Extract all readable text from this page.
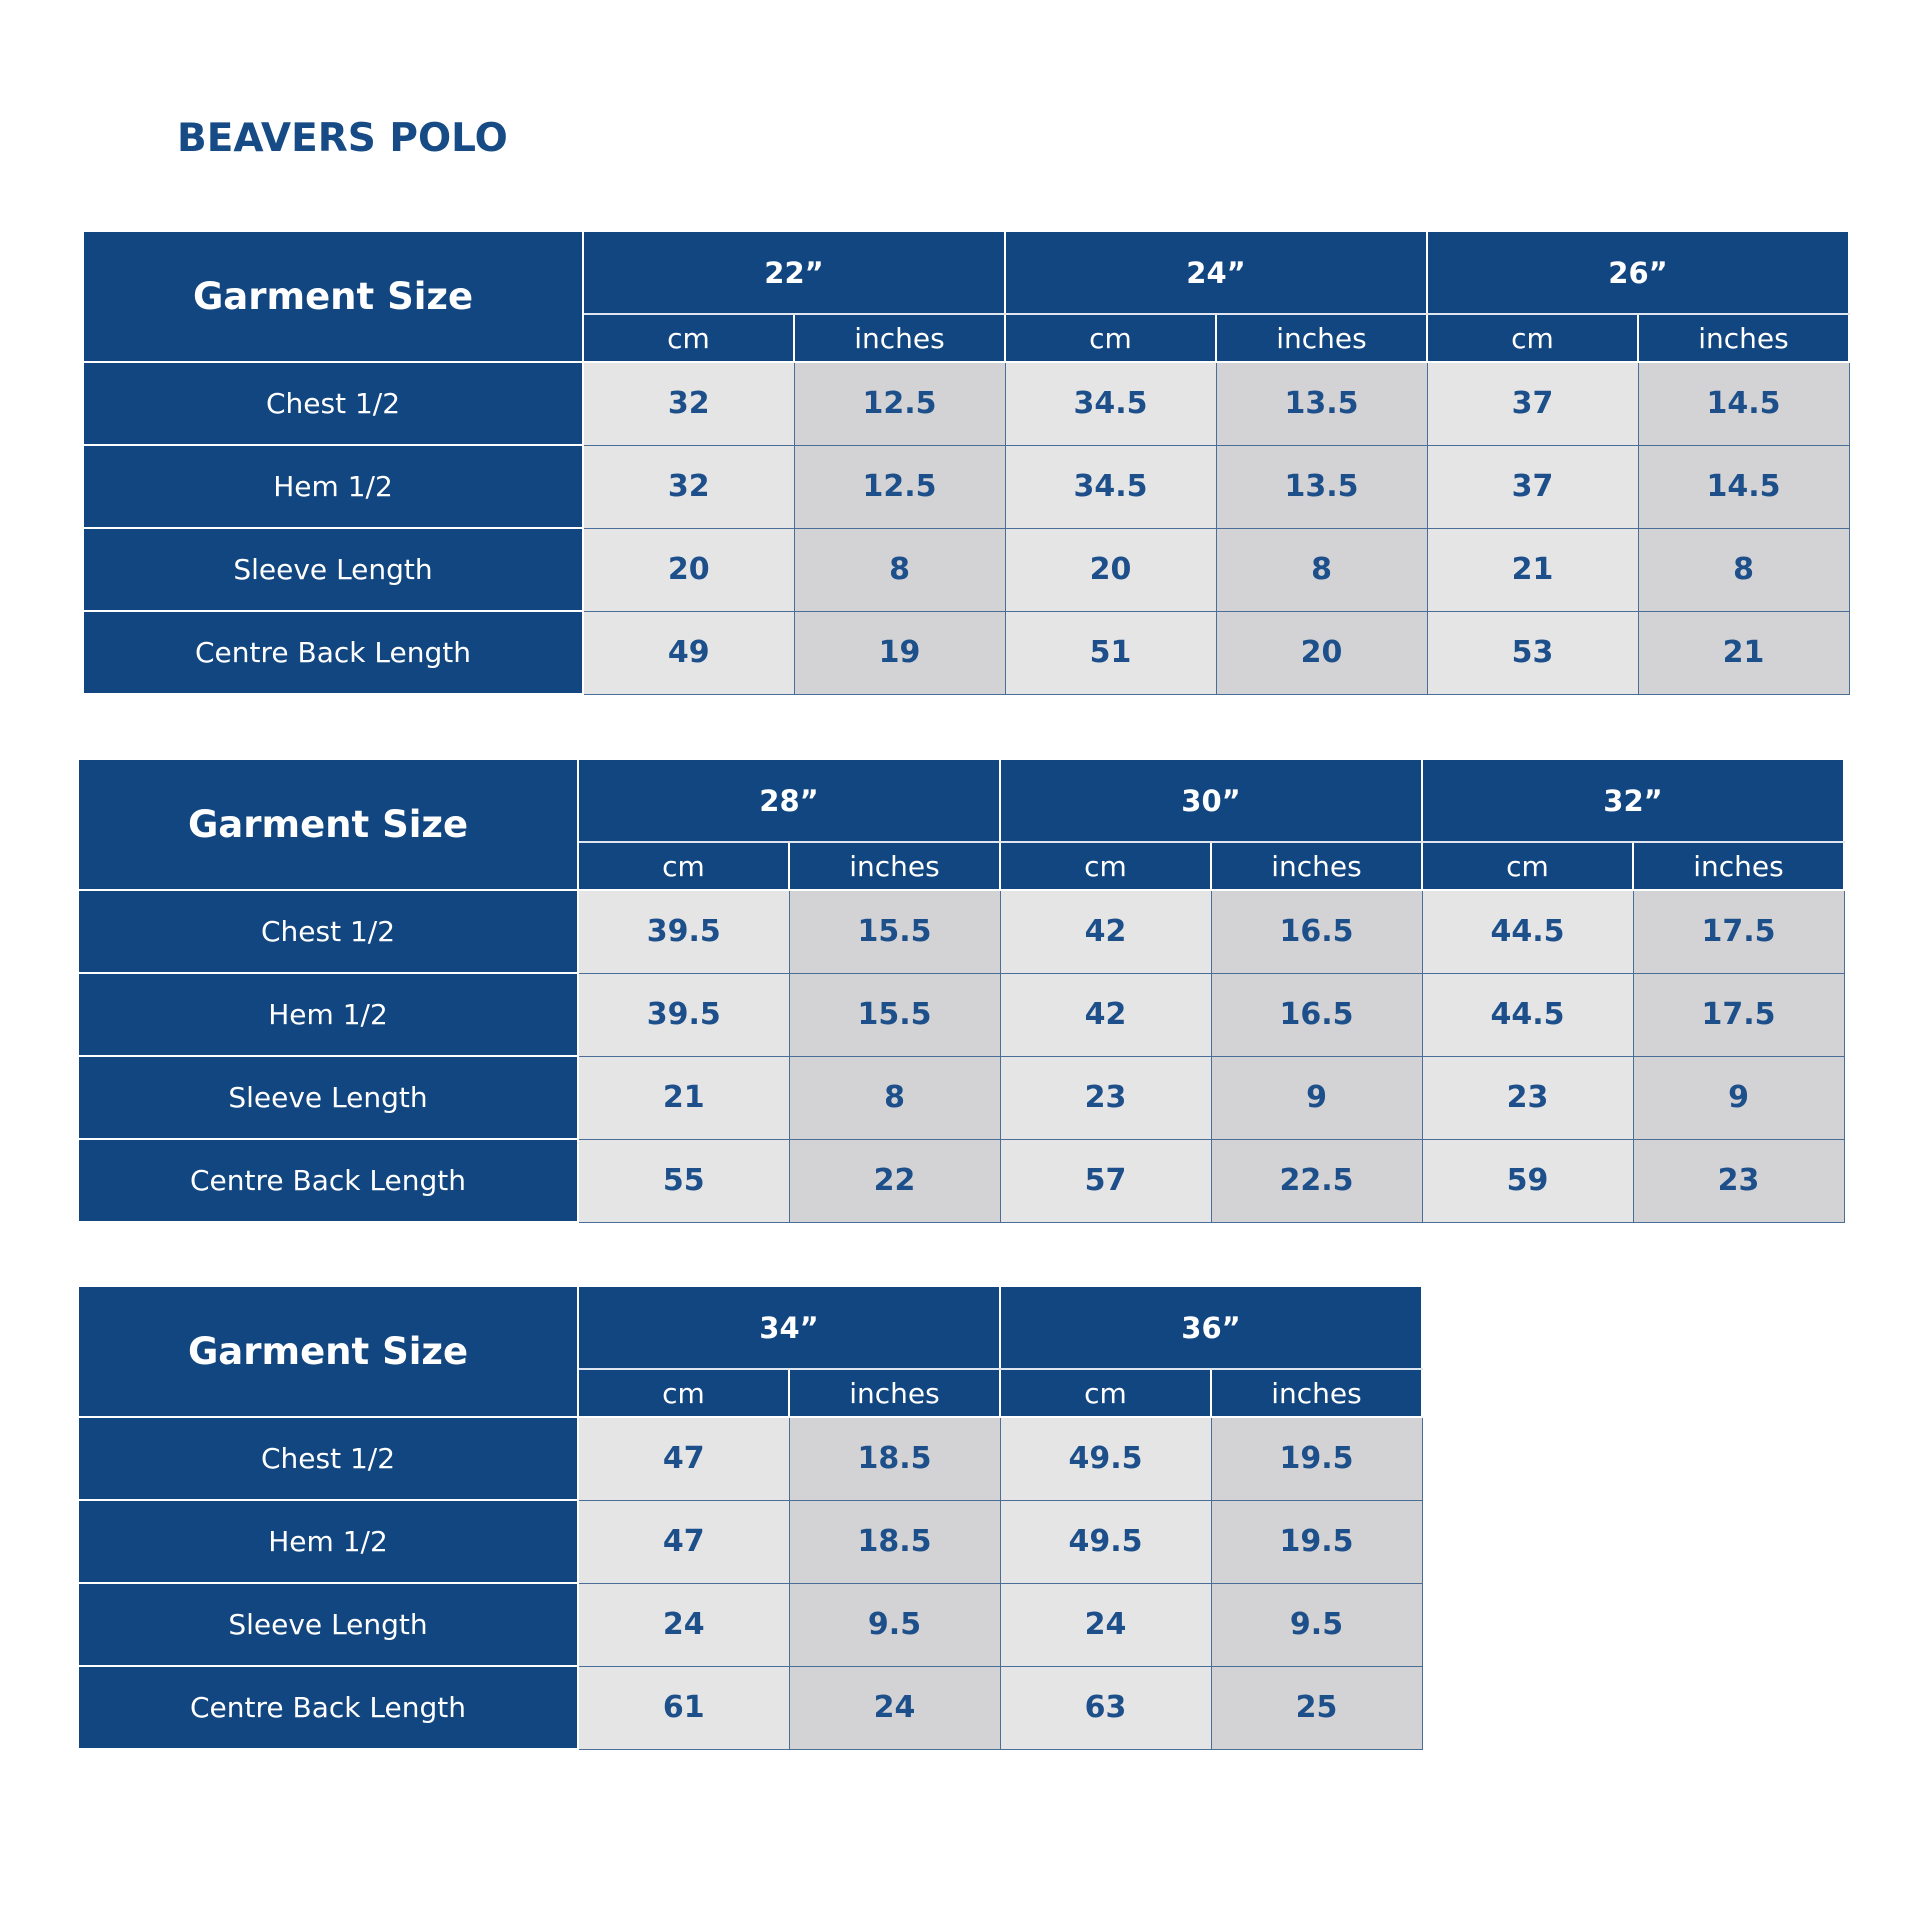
BEAVERS POLO
Garment Size	22”		24”		26”	
	cm	inches	cm	inches	cm	inches
Chest 1/2	32	12.5	34.5	13.5	37	14.5
Hem 1/2	32	12.5	34.5	13.5	37	14.5
Sleeve Length	20	8	20	8	21	8
Centre Back Length	49	19	51	20	53	21
Garment Size	28”		30”		32”	
	cm	inches	cm	inches	cm	inches
Chest 1/2	39.5	15.5	42	16.5	44.5	17.5
Hem 1/2	39.5	15.5	42	16.5	44.5	17.5
Sleeve Length	21	8	23	9	23	9
Centre Back Length	55	22	57	22.5	59	23
Garment Size	34”		36”	
	cm	inches	cm	inches
Chest 1/2	47	18.5	49.5	19.5
Hem 1/2	47	18.5	49.5	19.5
Sleeve Length	24	9.5	24	9.5
Centre Back Length	61	24	63	25
